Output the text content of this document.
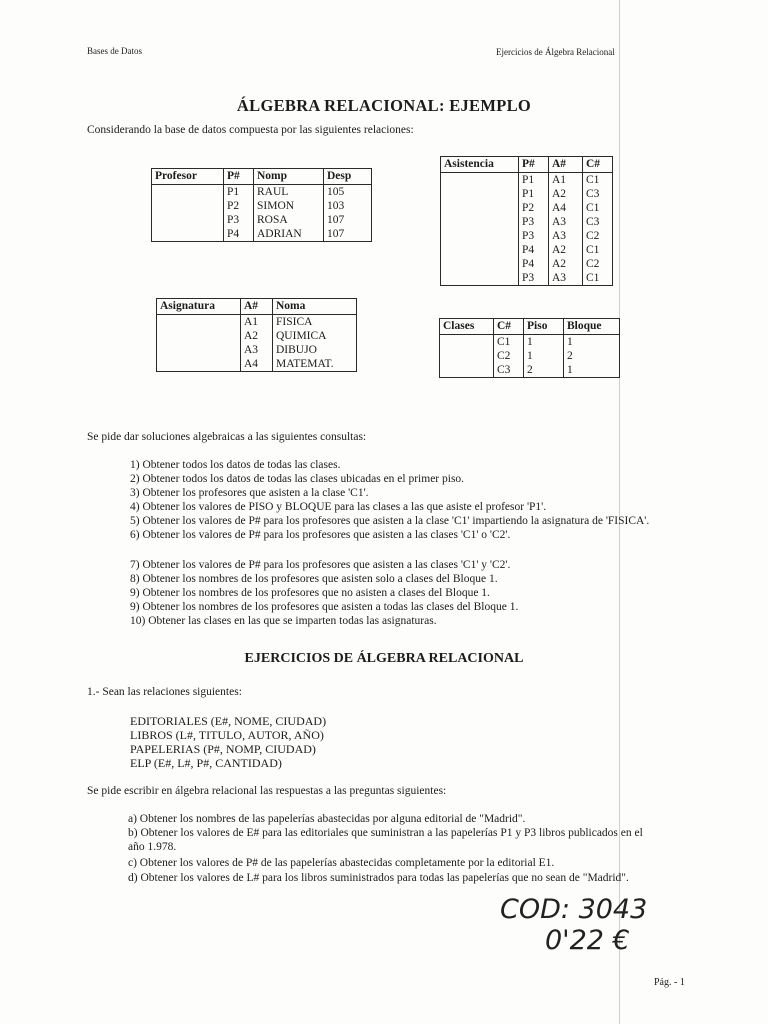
Bases de Datos	Ejercicios de Álgebra Relacional
ÁLGEBRA RELACIONAL: EJEMPLO
Considerando la base de datos compuesta por las siguientes relaciones:
Profesor	P#	Nomp	Desp
	P1	RAUL	105
	P2	SIMON	103
	P3	ROSA	107
	P4	ADRIAN	107
Asistencia	P#	A#	C#
	P1	A1	C1
	P1	A2	C3
	P2	A4	C1
	P3	A3	C3
	P3	A3	C2
	P4	A2	C1
	P4	A2	C2
	P3	A3	C1
Asignatura	A#	Noma
	A1	FISICA
	A2	QUIMICA
	A3	DIBUJO
	A4	MATEMAT.
Clases	C#	Piso	Bloque
	C1	1	1
	C2	1	2
	C3	2	1
Se pide dar soluciones algebraicas a las siguientes consultas:
1) Obtener todos los datos de todas las clases.
2) Obtener todos los datos de todas las clases ubicadas en el primer piso.
3) Obtener los profesores que asisten a la clase 'C1'.
4) Obtener los valores de PISO y BLOQUE para las clases a las que asiste el profesor 'P1'.
5) Obtener los valores de P# para los profesores que asisten a la clase 'C1' impartiendo la asignatura de 'FISICA'.
6) Obtener los valores de P# para los profesores que asisten a las clases 'C1' o 'C2'.
7) Obtener los valores de P# para los profesores que asisten a las clases 'C1' y 'C2'.
8) Obtener los nombres de los profesores que asisten solo a clases del Bloque 1.
9) Obtener los nombres de los profesores que no asisten a clases del Bloque 1.
9) Obtener los nombres de los profesores que asisten a todas las clases del Bloque 1.
10) Obtener las clases en las que se imparten todas las asignaturas.
EJERCICIOS DE ÁLGEBRA RELACIONAL
1.- Sean las relaciones siguientes:
EDITORIALES (E#, NOME, CIUDAD)
LIBROS (L#, TITULO, AUTOR, AÑO)
PAPELERIAS (P#, NOMP, CIUDAD)
ELP (E#, L#, P#, CANTIDAD)
Se pide escribir en álgebra relacional las respuestas a las preguntas siguientes:
a) Obtener los nombres de las papelerías abastecidas por alguna editorial de "Madrid".
b) Obtener los valores de E# para las editoriales que suministran a las papelerías P1 y P3 libros publicados en el
año 1.978.
c) Obtener los valores de P# de las papelerías abastecidas completamente por la editorial E1.
d) Obtener los valores de L# para los libros suministrados para todas las papelerías que no sean de "Madrid".
COD: 3043
0'22 €
Pág. - 1
